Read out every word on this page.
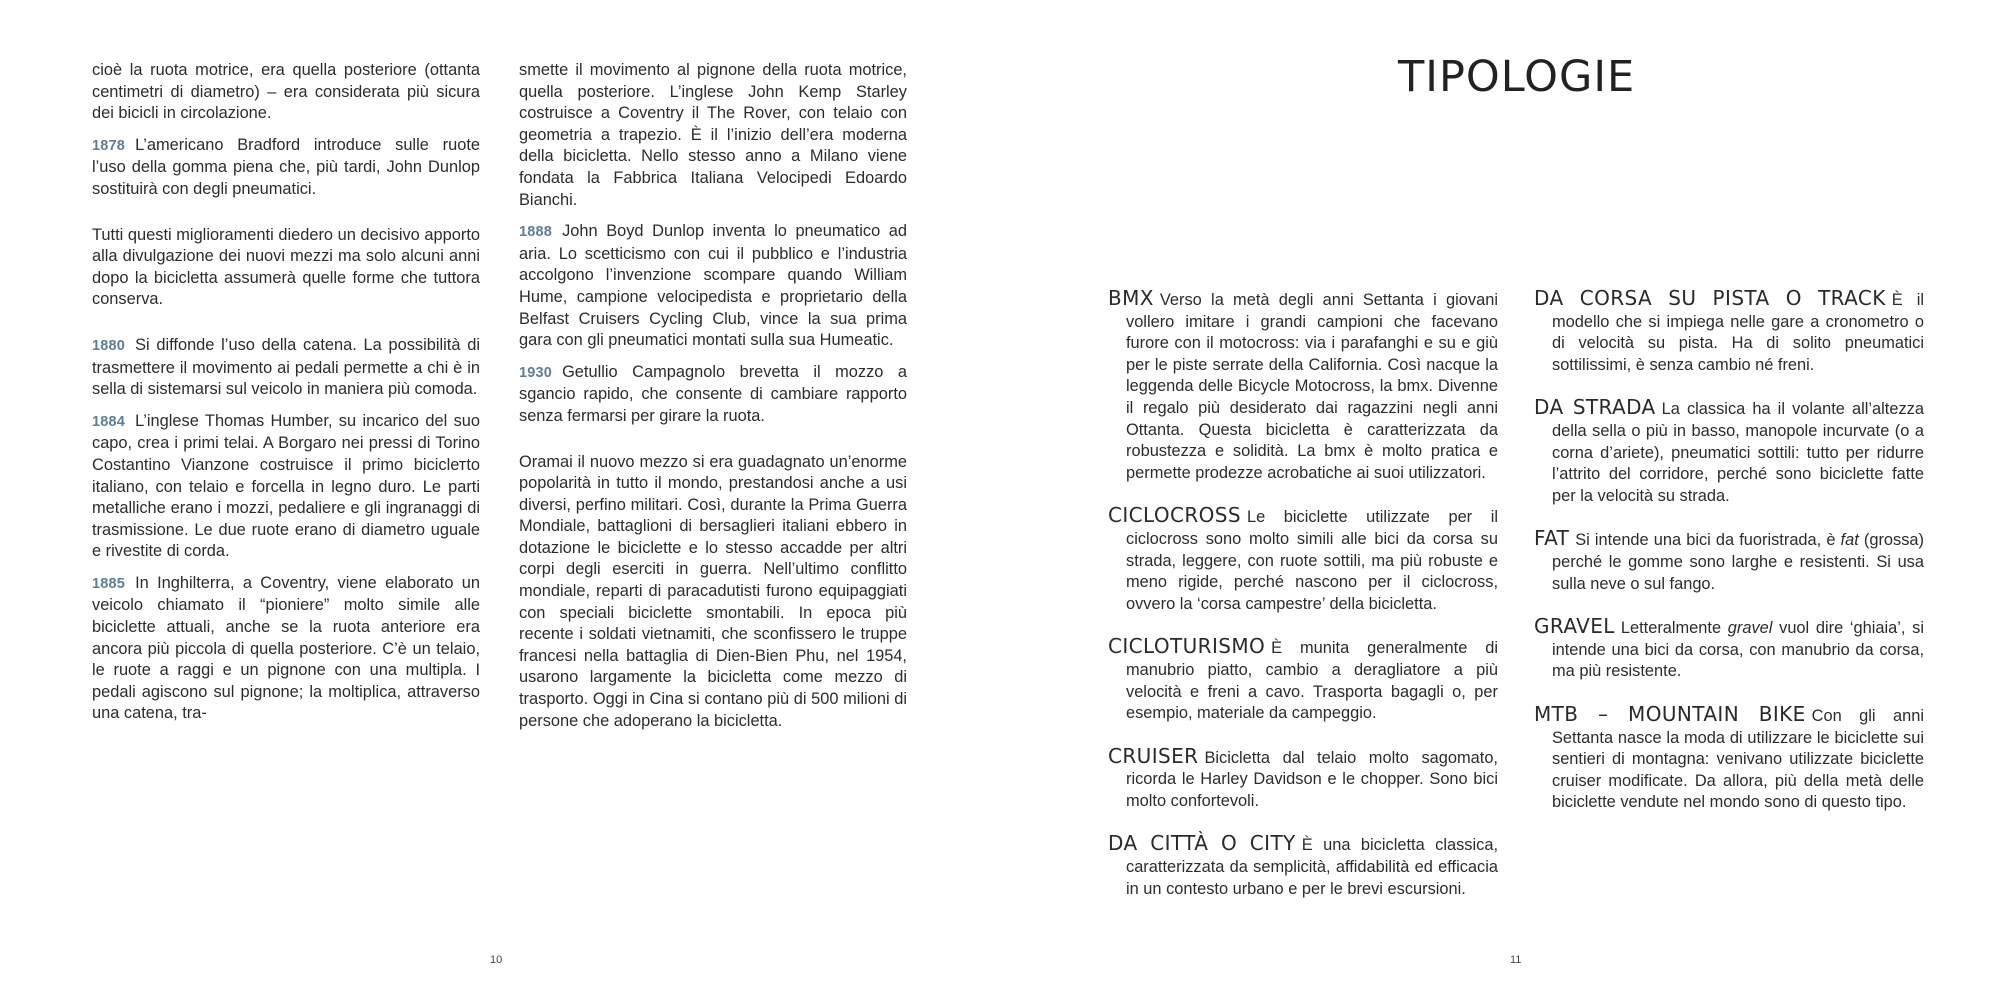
cioè la ruota motrice, era quella posteriore (ottanta centimetri di diametro) – era considerata più sicura dei bicicli in circolazione.

1878 L’americano Bradford introduce sulle ruote l’uso della gomma piena che, più tardi, John Dunlop sostituirà con degli pneumatici.

Tutti questi miglioramenti diedero un decisivo apporto alla divulgazione dei nuovi mezzi ma solo alcuni anni dopo la bicicletta assumerà quelle forme che tuttora conserva.

1880 Si diffonde l’uso della catena. La possibilità di trasmettere il movimento ai pedali permette a chi è in sella di sistemarsi sul veicolo in maniera più comoda.

1884 L’inglese Thomas Humber, su incarico del suo capo, crea i primi telai. A Borgaro nei pressi di Torino Costantino Vianzone costruisce il primo biciclетto italiano, con telaio e forcella in legno duro. Le parti metalliche erano i mozzi, pedaliere e gli ingranaggi di trasmissione. Le due ruote erano di diametro uguale e rivestite di corda.

1885 In Inghilterra, a Coventry, viene elaborato un veicolo chiamato il “pioniere” molto simile alle biciclette attuali, anche se la ruota anteriore era ancora più piccola di quella posteriore. C’è un telaio, le ruote a raggi e un pignone con una multipla. I pedali agiscono sul pignone; la moltiplica, attraverso una catena, tra-

smette il movimento al pignone della ruota motrice, quella posteriore. L’inglese John Kemp Starley costruisce a Coventry il The Rover, con telaio con geometria a trapezio. È il l’inizio dell’era moderna della bicicletta. Nello stesso anno a Milano viene fondata la Fabbrica Italiana Velocipedi Edoardo Bianchi.

1888 John Boyd Dunlop inventa lo pneumatico ad aria. Lo scetticismo con cui il pubblico e l’industria accolgono l’invenzione scompare quando William Hume, campione velocipedista e proprietario della Belfast Cruisers Cycling Club, vince la sua prima gara con gli pneumatici montati sulla sua Humeatic.

1930 Getullio Campagnolo brevetta il mozzo a sgancio rapido, che consente di cambiare rapporto senza fermarsi per girare la ruota.

Oramai il nuovo mezzo si era guadagnato un’enorme popolarità in tutto il mondo, prestandosi anche a usi diversi, perfino militari. Così, durante la Prima Guerra Mondiale, battaglioni di bersaglieri italiani ebbero in dotazione le biciclette e lo stesso accadde per altri corpi degli eserciti in guerra. Nell’ultimo conflitto mondiale, reparti di paracadutisti furono equipaggiati con speciali biciclette smontabili. In epoca più recente i soldati vietnamiti, che sconfissero le truppe francesi nella battaglia di Dien-Bien Phu, nel 1954, usarono largamente la bicicletta come mezzo di trasporto. Oggi in Cina si contano più di 500 milioni di persone che adoperano la bicicletta.

10
TIPOLOGIE

BMX Verso la metà degli anni Settanta i giovani vollero imitare i grandi campioni che facevano furore con il motocross: via i parafanghi e su e giù per le piste serrate della California. Così nacque la leggenda delle Bicycle Motocross, la bmx. Divenne il regalo più desiderato dai ragazzini negli anni Ottanta. Questa bicicletta è caratterizzata da robustezza e solidità. La bmx è molto pratica e permette prodezze acrobatiche ai suoi utilizzatori.

CICLOCROSS Le biciclette utilizzate per il ciclocross sono molto simili alle bici da corsa su strada, leggere, con ruote sottili, ma più robuste e meno rigide, perché nascono per il ciclocross, ovvero la ‘corsa campestre’ della bicicletta.

CICLOTURISMO È munita generalmente di manubrio piatto, cambio a deragliatore a più velocità e freni a cavo. Trasporta bagagli o, per esempio, materiale da campeggio.

CRUISER Bicicletta dal telaio molto sagomato, ricorda le Harley Davidson e le chopper. Sono bici molto confortevoli.

DA CITTÀ O CITY È una bicicletta classica, caratterizzata da semplicità, affidabilità ed efficacia in un contesto urbano e per le brevi escursioni.

DA CORSA SU PISTA O TRACK È il modello che si impiega nelle gare a cronometro o di velocità su pista. Ha di solito pneumatici sottilissimi, è senza cambio né freni.

DA STRADA La classica ha il volante all’altezza della sella o più in basso, manopole incurvate (o a corna d’ariete), pneumatici sottili: tutto per ridurre l’attrito del corridore, perché sono biciclette fatte per la velocità su strada.

FAT Si intende una bici da fuoristrada, è fat (grossa) perché le gomme sono larghe e resistenti. Si usa sulla neve o sul fango.

GRAVEL Letteralmente gravel vuol dire ‘ghiaia’, si intende una bici da corsa, con manubrio da corsa, ma più resistente.

MTB – MOUNTAIN BIKE Con gli anni Settanta nasce la moda di utilizzare le biciclette sui sentieri di montagna: venivano utilizzate biciclette cruiser modificate. Da allora, più della metà delle biciclette vendute nel mondo sono di questo tipo.

11
